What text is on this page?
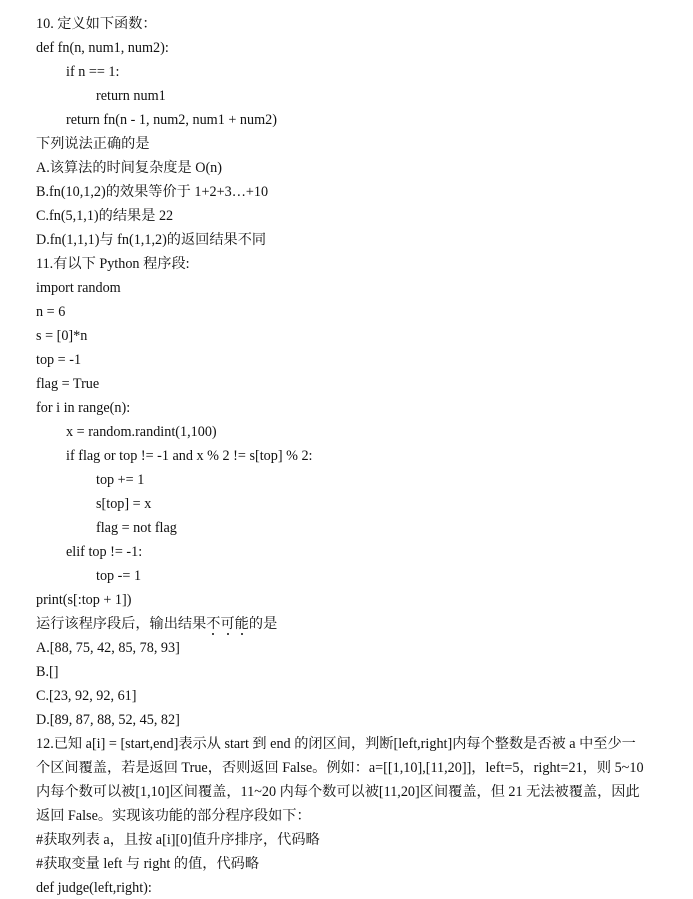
10. 定义如下函数：
def fn(n, num1, num2):
if n == 1:
return num1
return fn(n - 1, num2, num1 + num2)
下列说法正确的是
A.该算法的时间复杂度是 O(n)
B.fn(10,1,2)的效果等价于 1+2+3…+10
C.fn(5,1,1)的结果是 22
D.fn(1,1,1)与 fn(1,1,2)的返回结果不同
11.有以下 Python 程序段:
import random
n = 6
s = [0]*n
top = -1
flag = True
for i in range(n):
x = random.randint(1,100)
if flag or top != -1 and x % 2 != s[top] % 2:
top += 1
s[top] = x
flag = not flag
elif top != -1:
top -= 1
print(s[:top + 1])
运行该程序段后，输出结果不可能的是
A.[88, 75, 42, 85, 78, 93]
B.[]
C.[23, 92, 92, 61]
D.[89, 87, 88, 52, 45, 82]
12.已知 a[i] = [start,end]表示从 start 到 end 的闭区间，判断[left,right]内每个整数是否被 a 中至少一
个区间覆盖，若是返回 True，否则返回 False。例如：a=[[1,10],[11,20]]，left=5，right=21，则 5~10
内每个数可以被[1,10]区间覆盖，11~20 内每个数可以被[11,20]区间覆盖，但 21 无法被覆盖，因此
返回 False。实现该功能的部分程序段如下：
#获取列表 a，且按 a[i][0]值升序排序，代码略
#获取变量 left 与 right 的值，代码略
def judge(left,right):
